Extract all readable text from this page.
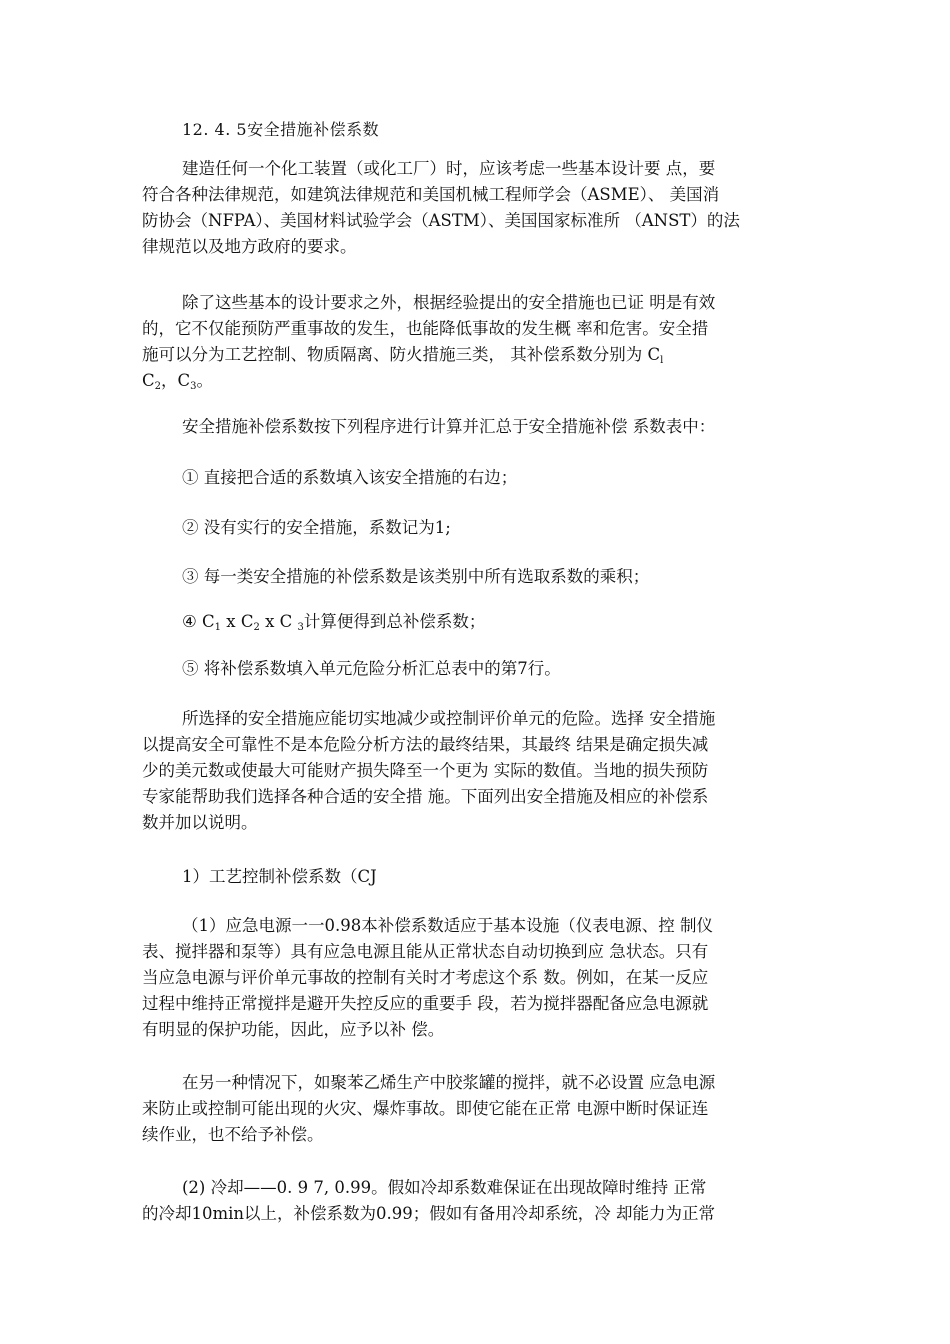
12. 4. 5安全措施补偿系数
建造任何一个化工装置（或化工厂）时，应该考虑一些基本设计要 点，要
符合各种法律规范，如建筑法律规范和美国机械工程师学会（ASME）、 美国消
防协会（NFPA）、美国材料试验学会（ASTM）、美国国家标准所 （ANST）的法
律规范以及地方政府的要求。
除了这些基本的设计要求之外，根据经验提出的安全措施也已证 明是有效
的，它不仅能预防严重事故的发生，也能降低事故的发生概 率和危害。安全措
施可以分为工艺控制、物质隔离、防火措施三类， 其补偿系数分别为 $C_l$
$C_2$，$C_3$。
安全措施补偿系数按下列程序进行计算并汇总于安全措施补偿 系数表中：
① 直接把合适的系数填入该安全措施的右边；
② 没有实行的安全措施，系数记为1;
③ 每一类安全措施的补偿系数是该类别中所有选取系数的乘积；
④ $C_1$ x $C_2$ x C $_3$计算便得到总补偿系数；
⑤ 将补偿系数填入单元危险分析汇总表中的第7行。
所选择的安全措施应能切实地减少或控制评价单元的危险。选择 安全措施
以提高安全可靠性不是本危险分析方法的最终结果，其最终 结果是确定损失减
少的美元数或使最大可能财产损失降至一个更为 实际的数值。当地的损失预防
专家能帮助我们选择各种合适的安全措 施。下面列出安全措施及相应的补偿系
数并加以说明。
1）工艺控制补偿系数（CJ
（1）应急电源一一0.98本补偿系数适应于基本设施（仪表电源、控 制仪
表、搅拌器和泵等）具有应急电源且能从正常状态自动切换到应 急状态。只有
当应急电源与评价单元事故的控制有关时才考虑这个系 数。例如，在某一反应
过程中维持正常搅拌是避开失控反应的重要手 段，若为搅拌器配备应急电源就
有明显的保护功能，因此，应予以补 偿。
在另一种情况下，如聚苯乙烯生产中胶浆罐的搅拌，就不必设置 应急电源
来防止或控制可能出现的火灾、爆炸事故。即使它能在正常 电源中断时保证连
续作业，也不给予补偿。
(2) 冷却——0. 9 7, 0.99。假如冷却系数难保证在出现故障时维持 正常
的冷却10min以上，补偿系数为0.99；假如有备用冷却系统，冷 却能力为正常
